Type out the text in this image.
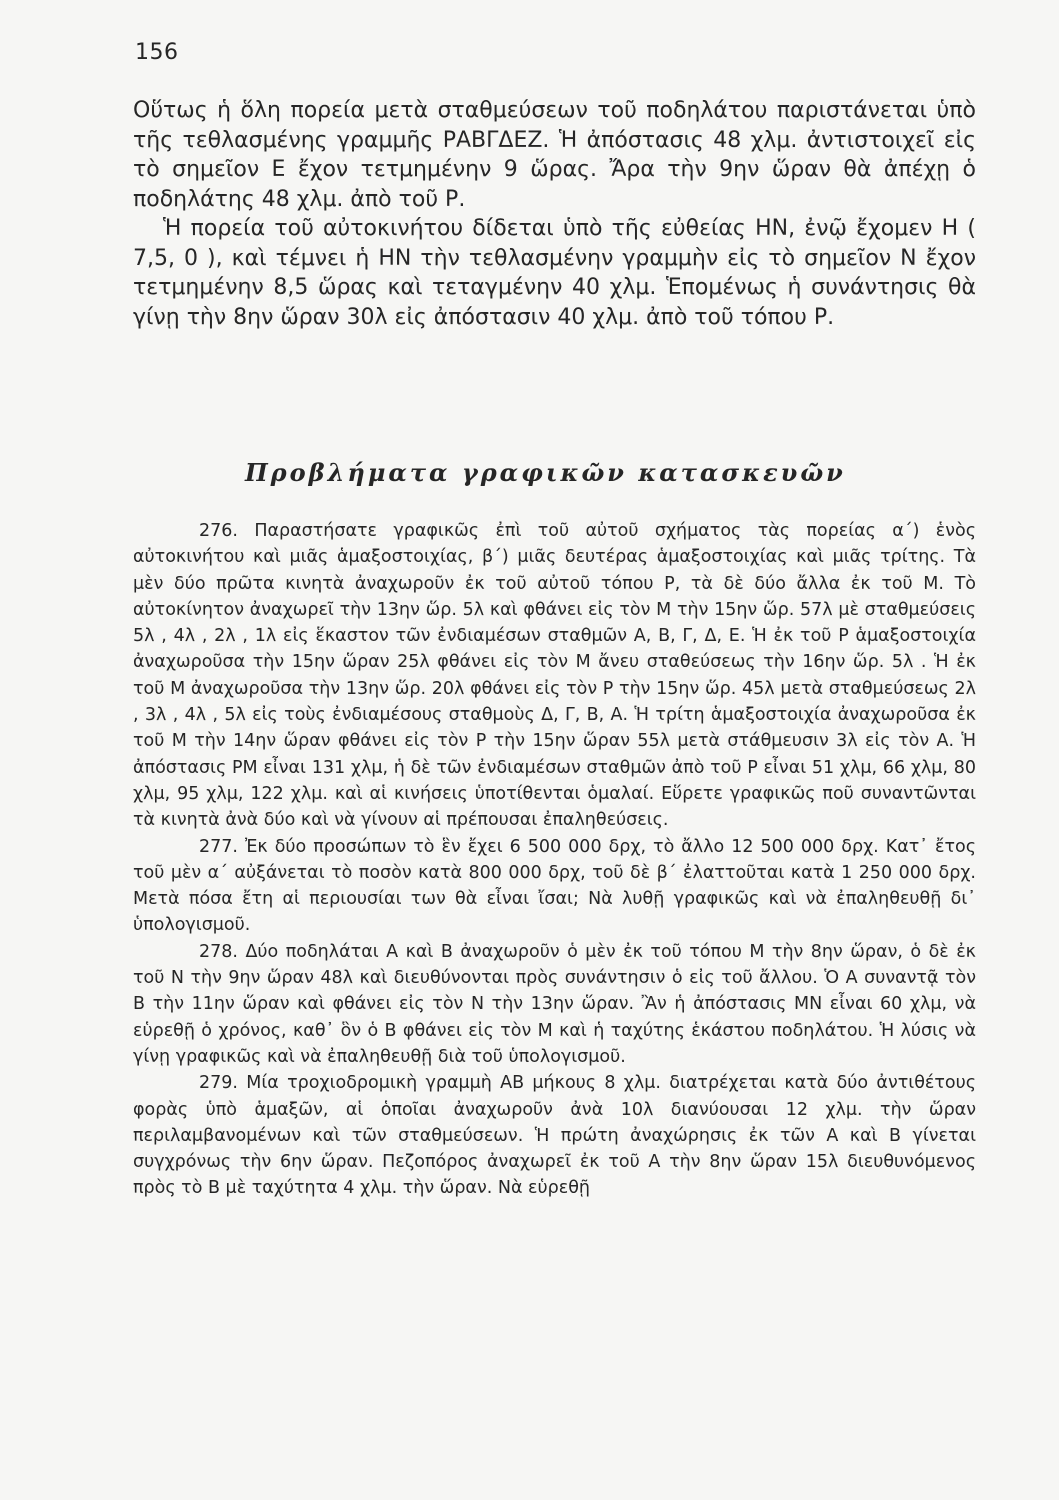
156

Οὕτως ἡ ὅλη πορεία μετὰ σταθμεύσεων τοῦ ποδηλάτου παριστάνεται ὑπὸ τῆς τεθλασμένης γραμμῆς ΡΑΒΓΔΕΖ. Ἡ ἀπόστασις 48 χλμ. ἀντιστοιχεῖ εἰς τὸ σημεῖον Ε ἔχον τετμημένην 9 ὥρας. Ἄρα τὴν 9ην ὥραν θὰ ἀπέχῃ ὁ ποδηλάτης 48 χλμ. ἀπὸ τοῦ Ρ.

Ἡ πορεία τοῦ αὐτοκινήτου δίδεται ὑπὸ τῆς εὐθείας ΗΝ, ἐνῷ ἔχομεν Η ( 7,5, 0 ), καὶ τέμνει ἡ ΗΝ τὴν τεθλασμένην γραμμὴν εἰς τὸ σημεῖον Ν ἔχον τετμημένην 8,5 ὥρας καὶ τεταγμένην 40 χλμ. Ἑπομένως ἡ συνάντησις θὰ γίνῃ τὴν 8ην ὥραν 30λ εἰς ἀπόστασιν 40 χλμ. ἀπὸ τοῦ τόπου Ρ.

Προβλήματα γραφικῶν κατασκευῶν

276. Παραστήσατε γραφικῶς ἐπὶ τοῦ αὐτοῦ σχήματος τὰς πορείας α΄) ἑνὸς αὐτοκινήτου καὶ μιᾶς ἁμαξοστοιχίας, β΄) μιᾶς δευτέρας ἁμαξοστοιχίας καὶ μιᾶς τρίτης. Τὰ μὲν δύο πρῶτα κινητὰ ἀναχωροῦν ἐκ τοῦ αὐτοῦ τόπου Ρ, τὰ δὲ δύο ἄλλα ἐκ τοῦ Μ. Τὸ αὐτοκίνητον ἀναχωρεῖ τὴν 13ην ὥρ. 5λ καὶ φθάνει εἰς τὸν Μ τὴν 15ην ὥρ. 57λ μὲ σταθμεύσεις 5λ , 4λ , 2λ , 1λ εἰς ἕκαστον τῶν ἐνδιαμέσων σταθμῶν Α, Β, Γ, Δ, Ε. Ἡ ἐκ τοῦ Ρ ἁμαξοστοιχία ἀναχωροῦσα τὴν 15ην ὥραν 25λ φθάνει εἰς τὸν Μ ἄνευ σταθεύσεως τὴν 16ην ὥρ. 5λ . Ἡ ἐκ τοῦ Μ ἀναχωροῦσα τὴν 13ην ὥρ. 20λ φθάνει εἰς τὸν Ρ τὴν 15ην ὥρ. 45λ μετὰ σταθμεύσεως 2λ , 3λ , 4λ , 5λ εἰς τοὺς ἐνδιαμέσους σταθμοὺς Δ, Γ, Β, Α. Ἡ τρίτη ἁμαξοστοιχία ἀναχωροῦσα ἐκ τοῦ Μ τὴν 14ην ὥραν φθάνει εἰς τὸν Ρ τὴν 15ην ὥραν 55λ μετὰ στάθμευσιν 3λ εἰς τὸν Α. Ἡ ἀπόστασις ΡΜ εἶναι 131 χλμ, ἡ δὲ τῶν ἐνδιαμέσων σταθμῶν ἀπὸ τοῦ Ρ εἶναι 51 χλμ, 66 χλμ, 80 χλμ, 95 χλμ, 122 χλμ. καὶ αἱ κινήσεις ὑποτίθενται ὁμαλαί. Εὕρετε γραφικῶς ποῦ συναντῶνται τὰ κινητὰ ἀνὰ δύο καὶ νὰ γίνουν αἱ πρέπουσαι ἐπαληθεύσεις.

277. Ἐκ δύο προσώπων τὸ ἓν ἔχει 6 500 000 δρχ, τὸ ἄλλο 12 500 000 δρχ. Κατ᾿ ἔτος τοῦ μὲν α΄ αὐξάνεται τὸ ποσὸν κατὰ 800 000 δρχ, τοῦ δὲ β΄ ἐλαττοῦται κατὰ 1 250 000 δρχ. Μετὰ πόσα ἔτη αἱ περιουσίαι των θὰ εἶναι ἴσαι; Νὰ λυθῇ γραφικῶς καὶ νὰ ἐπαληθευθῇ δι᾿ ὑπολογισμοῦ.

278. Δύο ποδηλάται Α καὶ Β ἀναχωροῦν ὁ μὲν ἐκ τοῦ τόπου Μ τὴν 8ην ὥραν, ὁ δὲ ἐκ τοῦ Ν τὴν 9ην ὥραν 48λ καὶ διευθύνονται πρὸς συνάντησιν ὁ εἰς τοῦ ἄλλου. Ὁ Α συναντᾷ τὸν Β τὴν 11ην ὥραν καὶ φθάνει εἰς τὸν Ν τὴν 13ην ὥραν. Ἂν ἡ ἀπόστασις ΜΝ εἶναι 60 χλμ, νὰ εὑρεθῇ ὁ χρόνος, καθ᾿ ὃν ὁ Β φθάνει εἰς τὸν Μ καὶ ἡ ταχύτης ἑκάστου ποδηλάτου. Ἡ λύσις νὰ γίνῃ γραφικῶς καὶ νὰ ἐπαληθευθῇ διὰ τοῦ ὑπολογισμοῦ.

279. Μία τροχιοδρομικὴ γραμμὴ ΑΒ μήκους 8 χλμ. διατρέχεται κατὰ δύο ἀντιθέτους φορὰς ὑπὸ ἁμαξῶν, αἱ ὁποῖαι ἀναχωροῦν ἀνὰ 10λ διανύουσαι 12 χλμ. τὴν ὥραν περιλαμβανομένων καὶ τῶν σταθμεύσεων. Ἡ πρώτη ἀναχώρησις ἐκ τῶν Α καὶ Β γίνεται συγχρόνως τὴν 6ην ὥραν. Πεζοπόρος ἀναχωρεῖ ἐκ τοῦ Α τὴν 8ην ὥραν 15λ διευθυνόμενος πρὸς τὸ Β μὲ ταχύτητα 4 χλμ. τὴν ὥραν. Νὰ εὑρεθῇ
